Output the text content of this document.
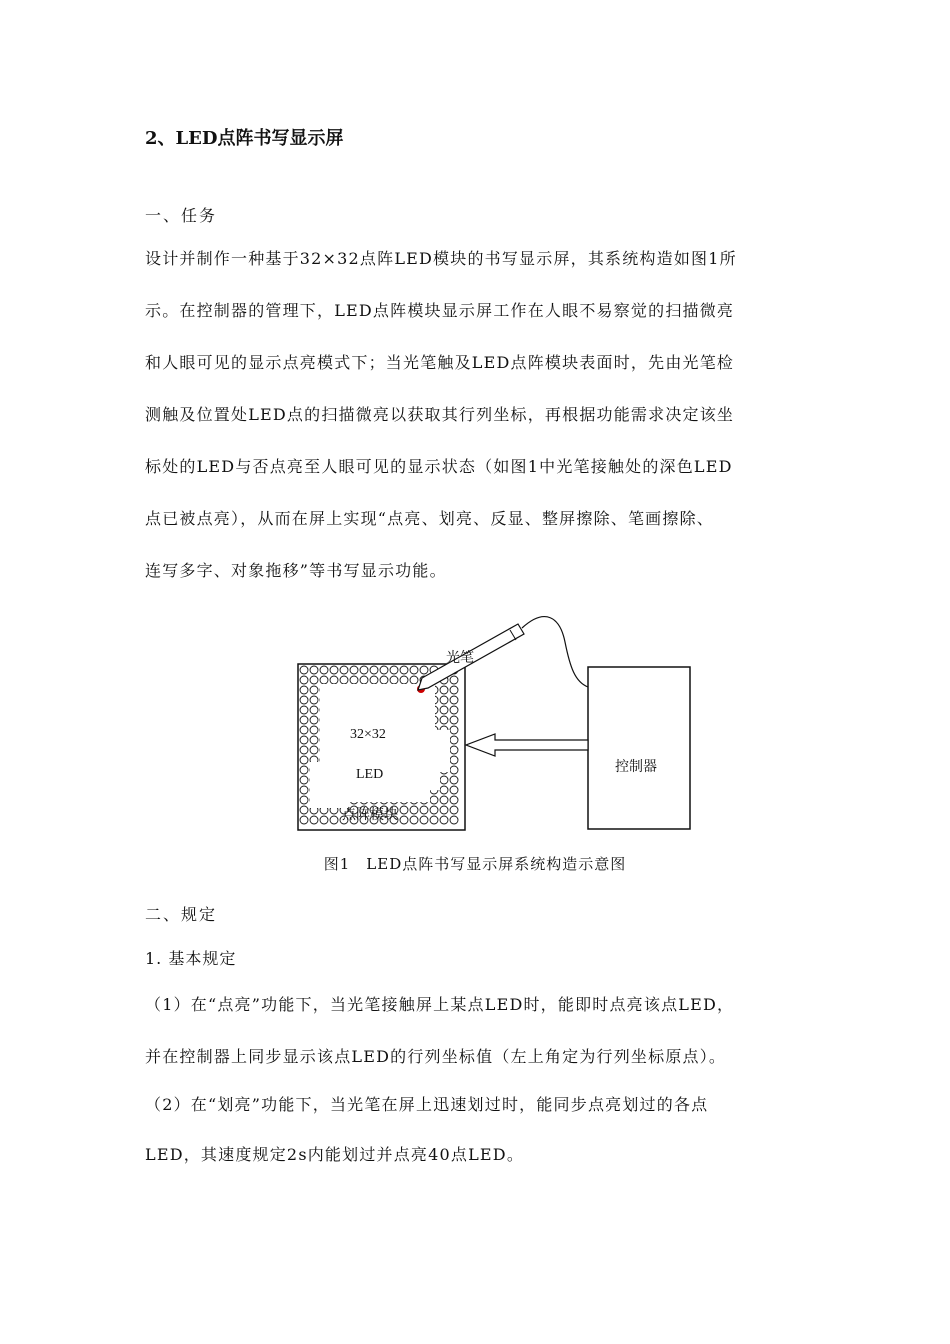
2、LED点阵书写显示屏
一、任务
设计并制作一种基于32×32点阵LED模块的书写显示屏，其系统构造如图1所
示。在控制器的管理下，LED点阵模块显示屏工作在人眼不易察觉的扫描微亮
和人眼可见的显示点亮模式下；当光笔触及LED点阵模块表面时，先由光笔检
测触及位置处LED点的扫描微亮以获取其行列坐标，再根据功能需求决定该坐
标处的LED与否点亮至人眼可见的显示状态（如图1中光笔接触处的深色LED
点已被点亮），从而在屏上实现“点亮、划亮、反显、整屏擦除、笔画擦除、
连写多字、对象拖移”等书写显示功能。
光笔
32×32
LED
点阵模块
控制器
图1　LED点阵书写显示屏系统构造示意图
二、规定
1. 基本规定
（1）在“点亮”功能下，当光笔接触屏上某点LED时，能即时点亮该点LED，
并在控制器上同步显示该点LED的行列坐标值（左上角定为行列坐标原点）。
（2）在“划亮”功能下，当光笔在屏上迅速划过时，能同步点亮划过的各点
LED，其速度规定2s内能划过并点亮40点LED。
